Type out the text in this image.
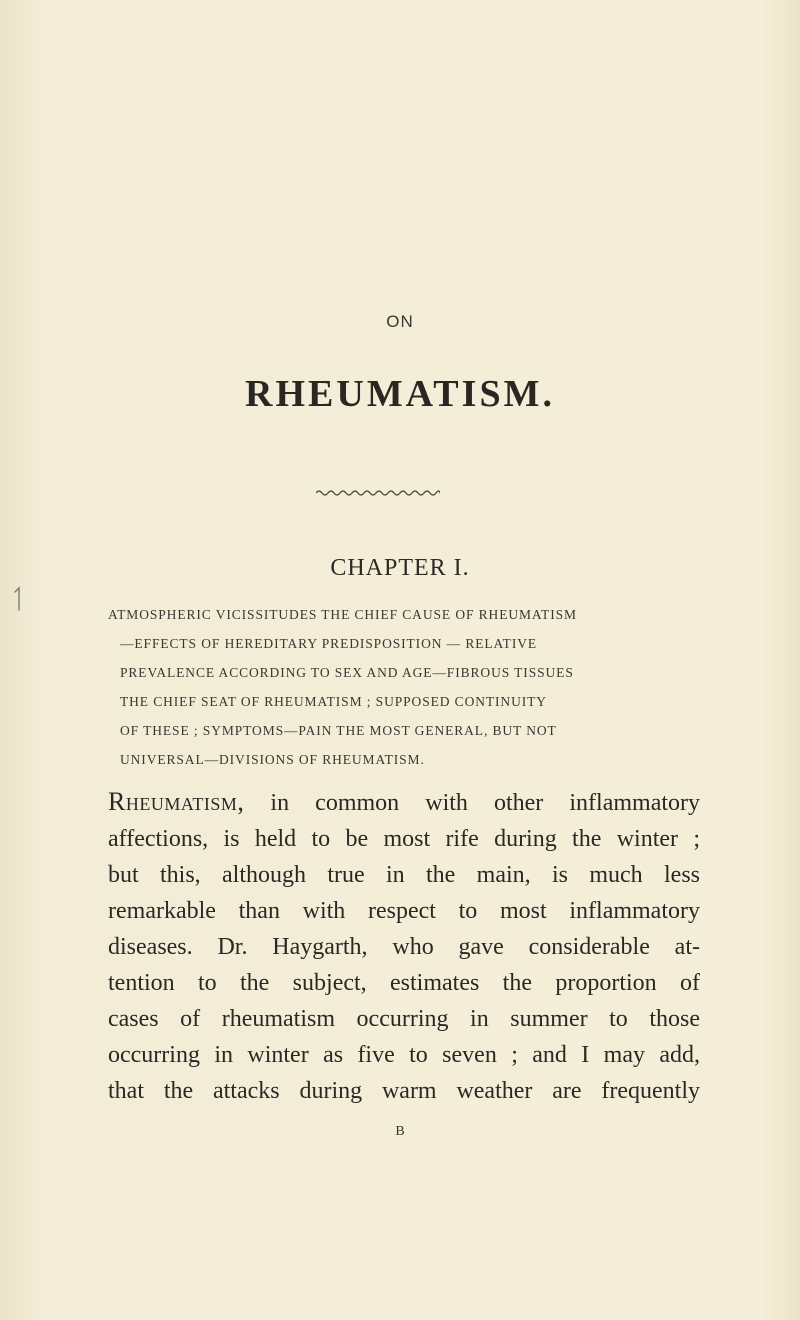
ON
RHEUMATISM.
CHAPTER I.
ATMOSPHERIC VICISSITUDES THE CHIEF CAUSE OF RHEUMATISM
—EFFECTS OF HEREDITARY PREDISPOSITION — RELATIVE
PREVALENCE ACCORDING TO SEX AND AGE—FIBROUS TISSUES
THE CHIEF SEAT OF RHEUMATISM ; SUPPOSED CONTINUITY
OF THESE ; SYMPTOMS—PAIN THE MOST GENERAL, BUT NOT
UNIVERSAL—DIVISIONS OF RHEUMATISM.
Rheumatism, in common with other inflammatory
affections, is held to be most rife during the winter ;
but this, although true in the main, is much less
remarkable than with respect to most inflammatory
diseases. Dr. Haygarth, who gave considerable at-
tention to the subject, estimates the proportion of
cases of rheumatism occurring in summer to those
occurring in winter as five to seven ; and I may add,
that the attacks during warm weather are frequently
B
